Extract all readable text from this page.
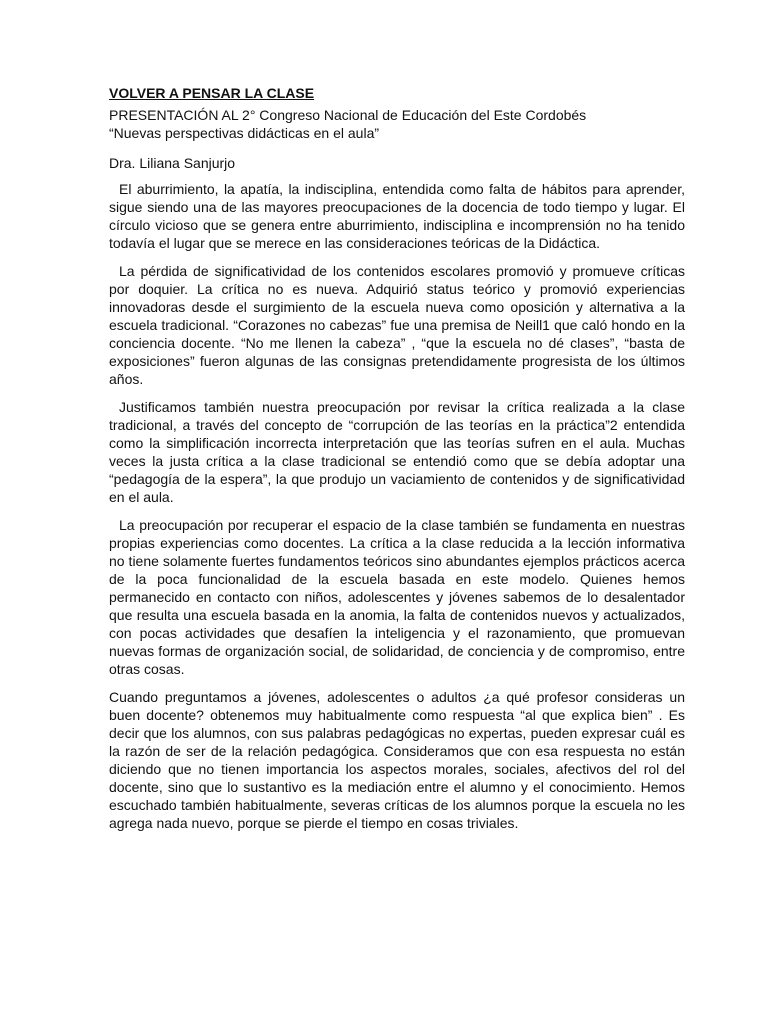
VOLVER A PENSAR LA CLASE
PRESENTACIÓN AL 2° Congreso Nacional de Educación del Este Cordobés
“Nuevas perspectivas didácticas en el aula”
Dra. Liliana Sanjurjo

El aburrimiento, la apatía, la indisciplina, entendida como falta de hábitos para aprender, sigue siendo una de las mayores preocupaciones de la docencia de todo tiempo y lugar. El círculo vicioso que se genera entre aburrimiento, indisciplina e incomprensión no ha tenido todavía el lugar que se merece en las consideraciones teóricas de la Didáctica.

La pérdida de significatividad de los contenidos escolares promovió y promueve críticas por doquier. La crítica no es nueva. Adquirió status teórico y promovió experiencias innovadoras desde el surgimiento de la escuela nueva como oposición y alternativa a la escuela tradicional. “Corazones no cabezas” fue una premisa de Neill1 que caló hondo en la conciencia docente. “No me llenen la cabeza” , “que la escuela no dé clases”, “basta de exposiciones” fueron algunas de las consignas pretendidamente progresista de los últimos años.

Justificamos también nuestra preocupación por revisar la crítica realizada a la clase tradicional, a través del concepto de “corrupción de las teorías en la práctica”2 entendida como la simplificación incorrecta interpretación que las teorías sufren en el aula. Muchas veces la justa crítica a la clase tradicional se entendió como que se debía adoptar una “pedagogía de la espera”, la que produjo un vaciamiento de contenidos y de significatividad en el aula.

La preocupación por recuperar el espacio de la clase también se fundamenta en nuestras propias experiencias como docentes. La crítica a la clase reducida a la lección informativa no tiene solamente fuertes fundamentos teóricos sino abundantes ejemplos prácticos acerca de la poca funcionalidad de la escuela basada en este modelo. Quienes hemos permanecido en contacto con niños, adolescentes y jóvenes sabemos de lo desalentador que resulta una escuela basada en la anomia, la falta de contenidos nuevos y actualizados, con pocas actividades que desafíen la inteligencia y el razonamiento, que promuevan nuevas formas de organización social, de solidaridad, de conciencia y de compromiso, entre otras cosas.

Cuando preguntamos a jóvenes, adolescentes o adultos ¿a qué profesor consideras un buen docente? obtenemos muy habitualmente como respuesta “al que explica bien” . Es decir que los alumnos, con sus palabras pedagógicas no expertas, pueden expresar cuál es la razón de ser de la relación pedagógica. Consideramos que con esa respuesta no están diciendo que no tienen importancia los aspectos morales, sociales, afectivos del rol del docente, sino que lo sustantivo es la mediación entre el alumno y el conocimiento. Hemos escuchado también habitualmente, severas críticas de los alumnos porque la escuela no les agrega nada nuevo, porque se pierde el tiempo en cosas triviales.
